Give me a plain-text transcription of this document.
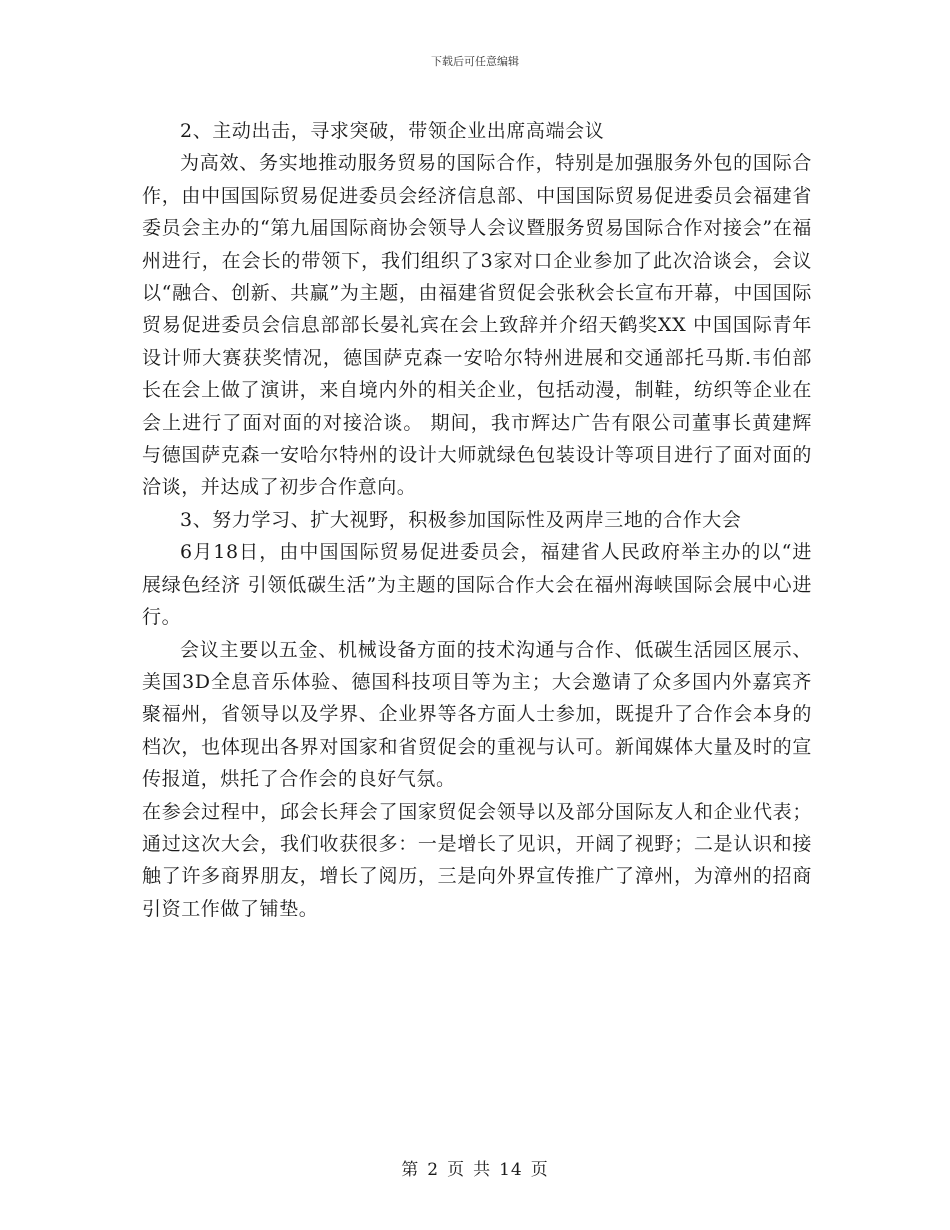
下载后可任意编辑

2、主动出击，寻求突破，带领企业出席高端会议

为高效、务实地推动服务贸易的国际合作，特别是加强服务外包的国际合作，由中国国际贸易促进委员会经济信息部、中国国际贸易促进委员会福建省委员会主办的“第九届国际商协会领导人会议暨服务贸易国际合作对接会”在福州进行，在会长的带领下，我们组织了3家对口企业参加了此次洽谈会，会议以“融合、创新、共赢”为主题，由福建省贸促会张秋会长宣布开幕，中国国际贸易促进委员会信息部部长晏礼宾在会上致辞并介绍天鹤奖XX 中国国际青年设计师大赛获奖情况，德国萨克森一安哈尔特州进展和交通部托马斯.韦伯部长在会上做了演讲，来自境内外的相关企业，包括动漫，制鞋，纺织等企业在会上进行了面对面的对接洽谈。 期间，我市辉达广告有限公司董事长黄建辉与德国萨克森一安哈尔特州的设计大师就绿色包装设计等项目进行了面对面的洽谈，并达成了初步合作意向。

3、努力学习、扩大视野，积极参加国际性及两岸三地的合作大会

6月18日，由中国国际贸易促进委员会，福建省人民政府举主办的以“进展绿色经济 引领低碳生活”为主题的国际合作大会在福州海峡国际会展中心进行。

会议主要以五金、机械设备方面的技术沟通与合作、低碳生活园区展示、美国3D全息音乐体验、德国科技项目等为主；大会邀请了众多国内外嘉宾齐聚福州，省领导以及学界、企业界等各方面人士参加，既提升了合作会本身的档次，也体现出各界对国家和省贸促会的重视与认可。新闻媒体大量及时的宣传报道，烘托了合作会的良好气氛。

在参会过程中，邱会长拜会了国家贸促会领导以及部分国际友人和企业代表；通过这次大会，我们收获很多：一是增长了见识，开阔了视野；二是认识和接触了许多商界朋友，增长了阅历，三是向外界宣传推广了漳州，为漳州的招商引资工作做了铺垫。

第 2 页 共 14 页
